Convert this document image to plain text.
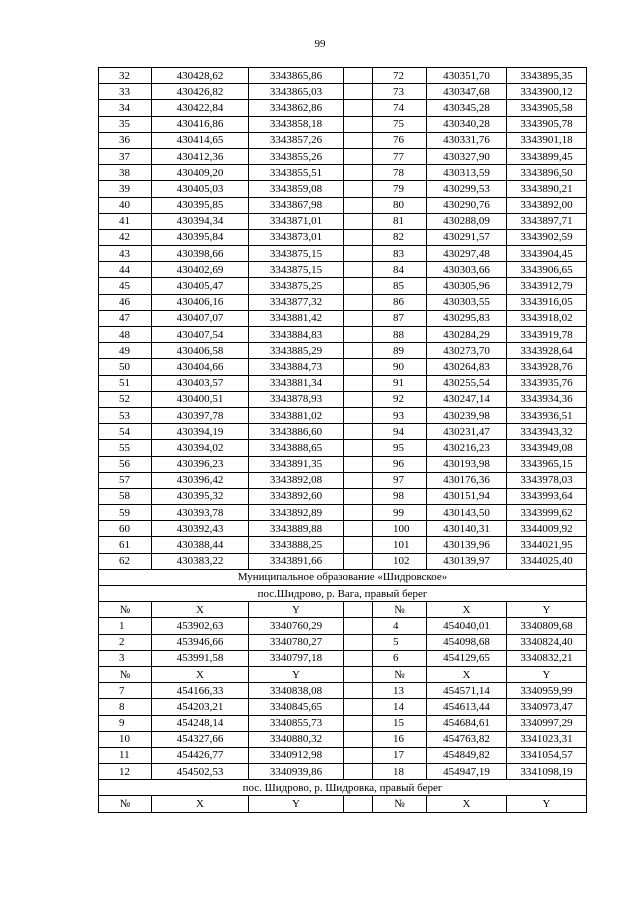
99
32	430428,62	3343865,86		72	430351,70	3343895,35
33	430426,82	3343865,03		73	430347,68	3343900,12
34	430422,84	3343862,86		74	430345,28	3343905,58
35	430416,86	3343858,18		75	430340,28	3343905,78
36	430414,65	3343857,26		76	430331,76	3343901,18
37	430412,36	3343855,26		77	430327,90	3343899,45
38	430409,20	3343855,51		78	430313,59	3343896,50
39	430405,03	3343859,08		79	430299,53	3343890,21
40	430395,85	3343867,98		80	430290,76	3343892,00
41	430394,34	3343871,01		81	430288,09	3343897,71
42	430395,84	3343873,01		82	430291,57	3343902,59
43	430398,66	3343875,15		83	430297,48	3343904,45
44	430402,69	3343875,15		84	430303,66	3343906,65
45	430405,47	3343875,25		85	430305,96	3343912,79
46	430406,16	3343877,32		86	430303,55	3343916,05
47	430407,07	3343881,42		87	430295,83	3343918,02
48	430407,54	3343884,83		88	430284,29	3343919,78
49	430406,58	3343885,29		89	430273,70	3343928,64
50	430404,66	3343884,73		90	430264,83	3343928,76
51	430403,57	3343881,34		91	430255,54	3343935,76
52	430400,51	3343878,93		92	430247,14	3343934,36
53	430397,78	3343881,02		93	430239,98	3343936,51
54	430394,19	3343886,60		94	430231,47	3343943,32
55	430394,02	3343888,65		95	430216,23	3343949,08
56	430396,23	3343891,35		96	430193,98	3343965,15
57	430396,42	3343892,08		97	430176,36	3343978,03
58	430395,32	3343892,60		98	430151,94	3343993,64
59	430393,78	3343892,89		99	430143,50	3343999,62
60	430392,43	3343889,88		100	430140,31	3344009,92
61	430388,44	3343888,25		101	430139,96	3344021,95
62	430383,22	3343891,66		102	430139,97	3344025,40
Муниципальное образование «Шидровское»						
пос.Шидрово, р. Вага, правый берег						
№	X	Y		№	X	Y
1	453902,63	3340760,29		4	454040,01	3340809,68
2	453946,66	3340780,27		5	454098,68	3340824,40
3	453991,58	3340797,18		6	454129,65	3340832,21
№	X	Y		№	X	Y
7	454166,33	3340838,08		13	454571,14	3340959,99
8	454203,21	3340845,65		14	454613,44	3340973,47
9	454248,14	3340855,73		15	454684,61	3340997,29
10	454327,66	3340880,32		16	454763,82	3341023,31
11	454426,77	3340912,98		17	454849,82	3341054,57
12	454502,53	3340939,86		18	454947,19	3341098,19
пос. Шидрово, р. Шидровка, правый берег						
№	X	Y		№	X	Y
